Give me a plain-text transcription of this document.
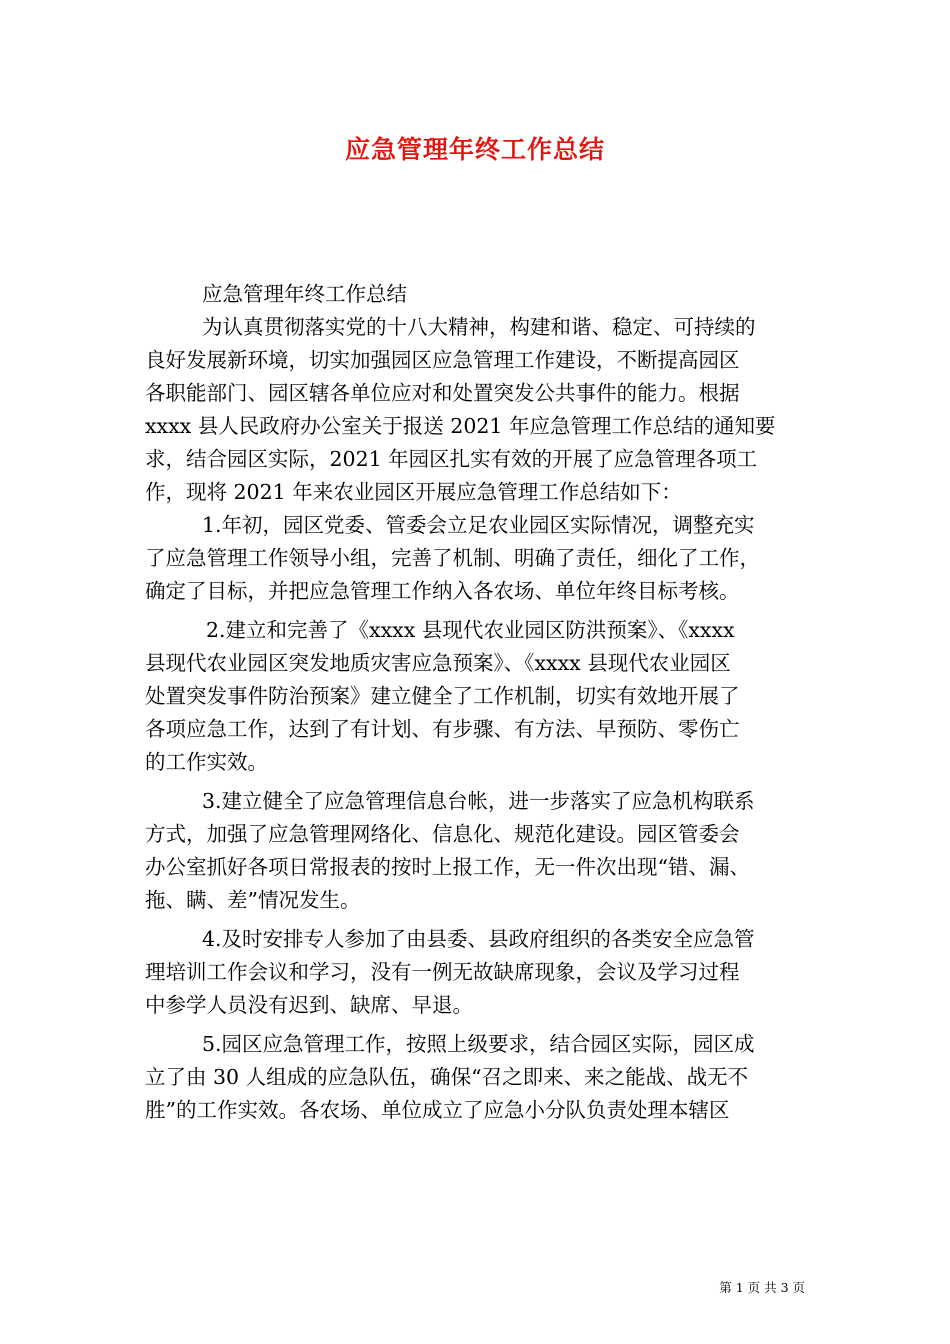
应急管理年终工作总结
应急管理年终工作总结
为认真贯彻落实党的十八大精神，构建和谐、稳定、可持续的
良好发展新环境，切实加强园区应急管理工作建设，不断提高园区
各职能部门、园区辖各单位应对和处置突发公共事件的能力。根据
xxxx 县人民政府办公室关于报送 2021 年应急管理工作总结的通知要
求，结合园区实际，2021 年园区扎实有效的开展了应急管理各项工
作，现将 2021 年来农业园区开展应急管理工作总结如下：
1.年初，园区党委、管委会立足农业园区实际情况，调整充实
了应急管理工作领导小组，完善了机制、明确了责任，细化了工作，
确定了目标，并把应急管理工作纳入各农场、单位年终目标考核。
2.建立和完善了《xxxx 县现代农业园区防洪预案》、《xxxx
县现代农业园区突发地质灾害应急预案》、《xxxx 县现代农业园区
处置突发事件防治预案》建立健全了工作机制，切实有效地开展了
各项应急工作，达到了有计划、有步骤、有方法、早预防、零伤亡
的工作实效。
3.建立健全了应急管理信息台帐，进一步落实了应急机构联系
方式，加强了应急管理网络化、信息化、规范化建设。园区管委会
办公室抓好各项日常报表的按时上报工作，无一件次出现“错、漏、
拖、瞒、差”情况发生。
4.及时安排专人参加了由县委、县政府组织的各类安全应急管
理培训工作会议和学习，没有一例无故缺席现象，会议及学习过程
中参学人员没有迟到、缺席、早退。
5.园区应急管理工作，按照上级要求，结合园区实际，园区成
立了由 30 人组成的应急队伍，确保“召之即来、来之能战、战无不
胜”的工作实效。各农场、单位成立了应急小分队负责处理本辖区
第 1 页 共 3 页
